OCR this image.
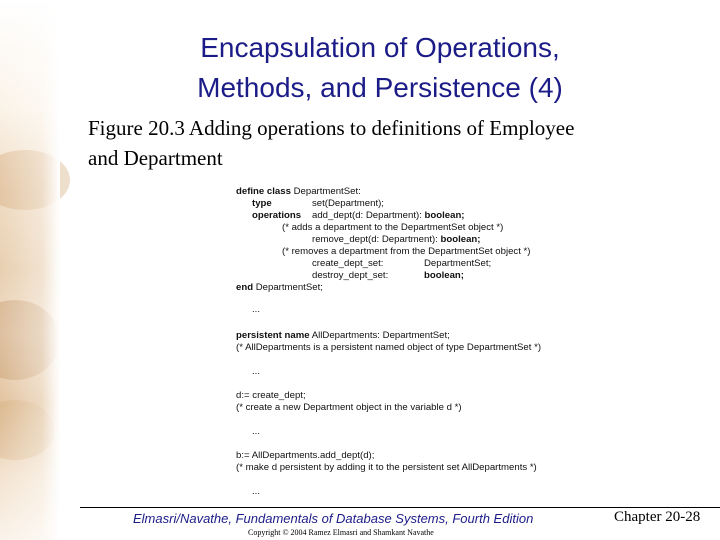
Encapsulation of Operations,
Methods, and Persistence (4)
Figure 20.3 Adding operations to definitions of Employee
and Department
define class DepartmentSet:
type	set(Department);
operations add_dept(d: Department): boolean;
(* adds a department to the DepartmentSet object *)
remove_dept(d: Department): boolean;
(* removes a department from the DepartmentSet object *)
create_dept_set:	DepartmentSet;
destroy_dept_set:	boolean;
end DepartmentSet;
...
persistent name AllDepartments: DepartmentSet;
(* AllDepartments is a persistent named object of type DepartmentSet *)
...
d:= create_dept;
(* create a new Department object in the variable d *)
...
b:= AllDepartments.add_dept(d);
(* make d persistent by adding it to the persistent set AllDepartments *)
...
Elmasri/Navathe, Fundamentals of Database Systems, Fourth Edition
Copyright © 2004 Ramez Elmasri and Shamkant Navathe
Chapter 20-28
